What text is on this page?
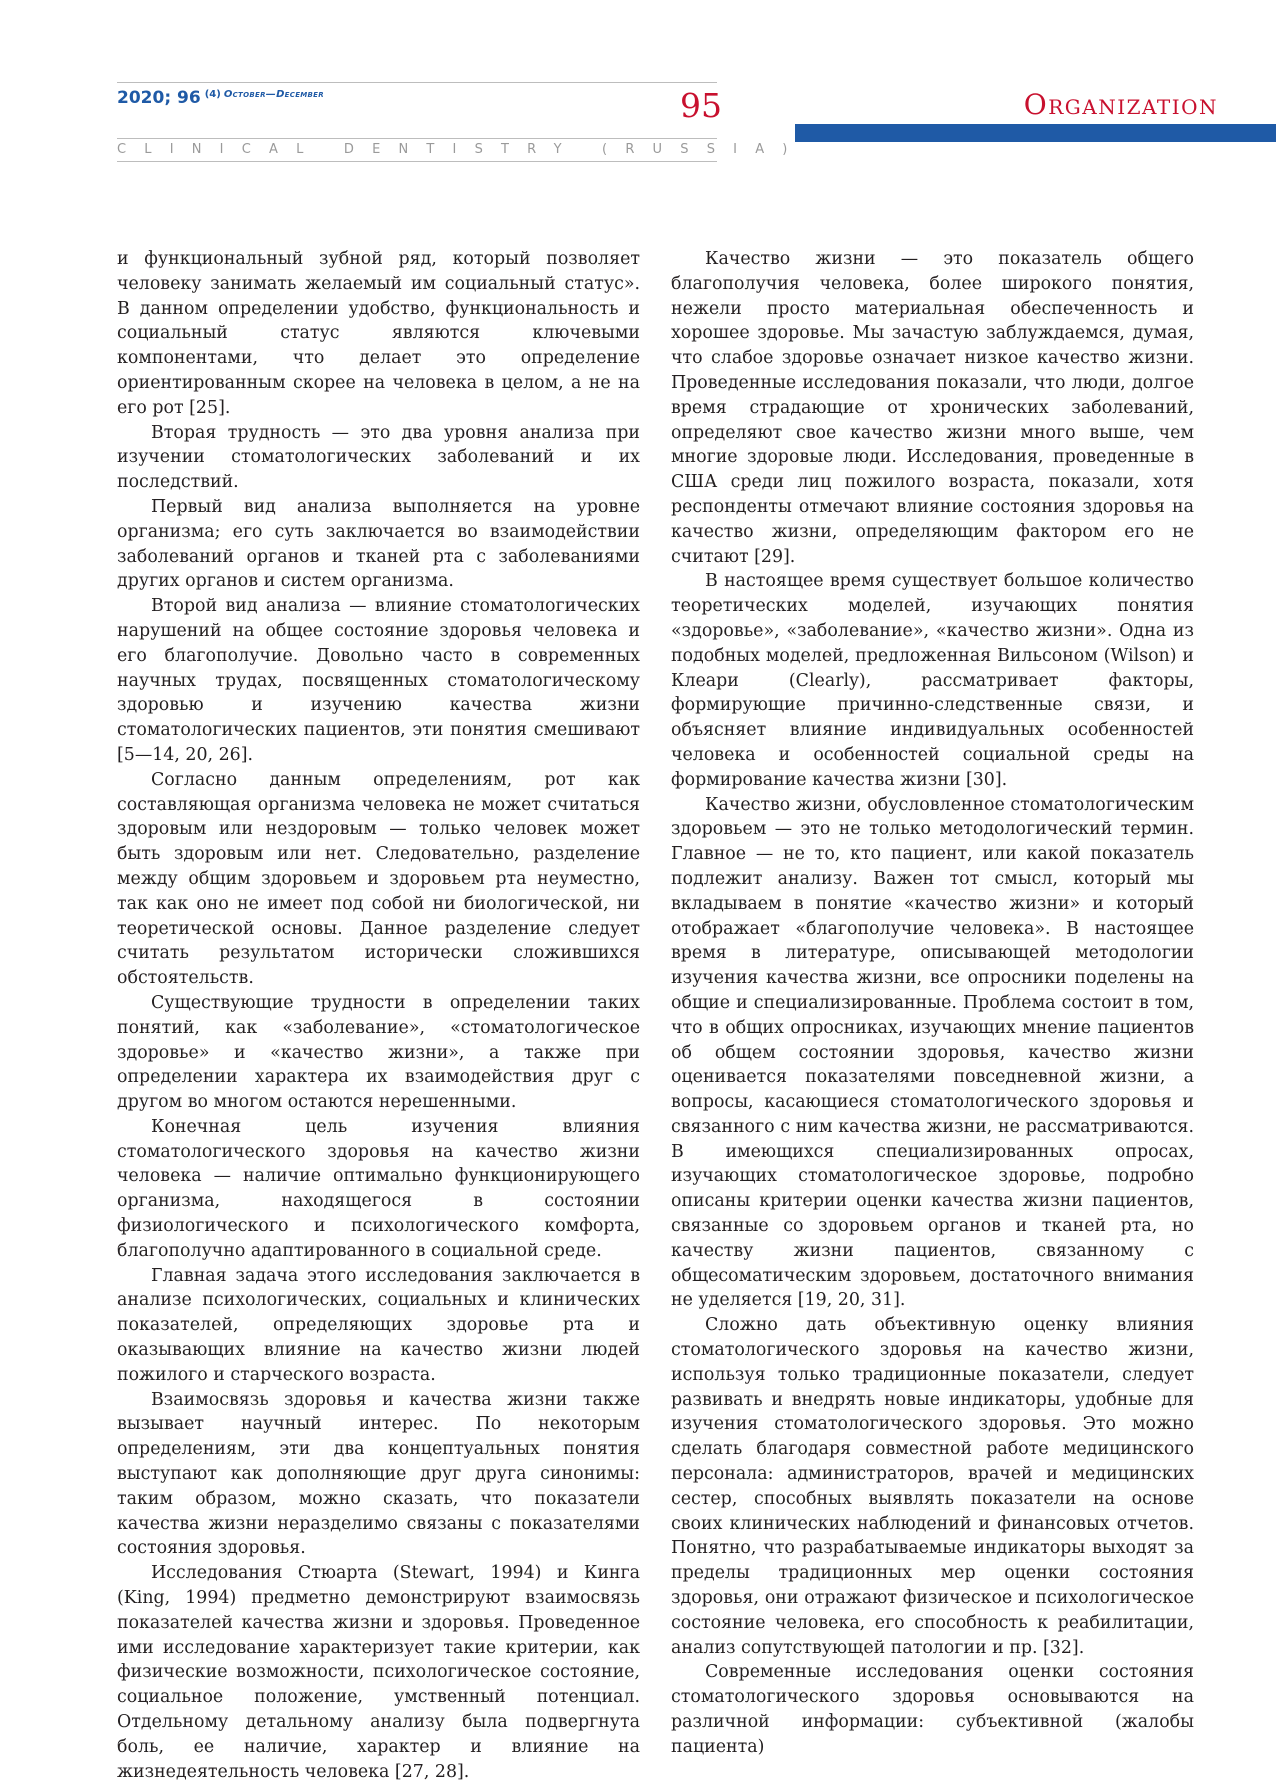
2020; 96 $^{(4)}$ $^{October—December}$	95	Organization
CLINICAL DENTISTRY (RUSSIA)

и функциональный зубной ряд, который позволяет человеку занимать желаемый им социальный статус». В данном определении удобство, функциональность и социальный статус являются ключевыми компонентами, что делает это определение ориентированным скорее на человека в целом, а не на его рот [25].

Вторая трудность — это два уровня анализа при изучении стоматологических заболеваний и их последствий.

Первый вид анализа выполняется на уровне организма; его суть заключается во взаимодействии заболеваний органов и тканей рта с заболеваниями других органов и систем организма.

Второй вид анализа — влияние стоматологических нарушений на общее состояние здоровья человека и его благополучие. Довольно часто в современных научных трудах, посвященных стоматологическому здоровью и изучению качества жизни стоматологических пациентов, эти понятия смешивают [5—14, 20, 26].

Согласно данным определениям, рот как составляющая организма человека не может считаться здоровым или нездоровым — только человек может быть здоровым или нет. Следовательно, разделение между общим здоровьем и здоровьем рта неуместно, так как оно не имеет под собой ни биологической, ни теоретической основы. Данное разделение следует считать результатом исторически сложившихся обстоятельств.

Существующие трудности в определении таких понятий, как «заболевание», «стоматологическое здоровье» и «качество жизни», а также при определении характера их взаимодействия друг с другом во многом остаются нерешенными.

Конечная цель изучения влияния стоматологического здоровья на качество жизни человека — наличие оптимально функционирующего организма, находящегося в состоянии физиологического и психологического комфорта, благополучно адаптированного в социальной среде.

Главная задача этого исследования заключается в анализе психологических, социальных и клинических показателей, определяющих здоровье рта и оказывающих влияние на качество жизни людей пожилого и старческого возраста.

Взаимосвязь здоровья и качества жизни также вызывает научный интерес. По некоторым определениям, эти два концептуальных понятия выступают как дополняющие друг друга синонимы: таким образом, можно сказать, что показатели качества жизни неразделимо связаны с показателями состояния здоровья.

Исследования Стюарта (Stewart, 1994) и Кинга (King, 1994) предметно демонстрируют взаимосвязь показателей качества жизни и здоровья. Проведенное ими исследование характеризует такие критерии, как физические возможности, психологическое состояние, социальное положение, умственный потенциал. Отдельному детальному анализу была подвергнута боль, ее наличие, характер и влияние на жизнедеятельность человека [27, 28].

Качество жизни — это показатель общего благополучия человека, более широкого понятия, нежели просто материальная обеспеченность и хорошее здоровье. Мы зачастую заблуждаемся, думая, что слабое здоровье означает низкое качество жизни. Проведенные исследования показали, что люди, долгое время страдающие от хронических заболеваний, определяют свое качество жизни много выше, чем многие здоровые люди. Исследования, проведенные в США среди лиц пожилого возраста, показали, хотя респонденты отмечают влияние состояния здоровья на качество жизни, определяющим фактором его не считают [29].

В настоящее время существует большое количество теоретических моделей, изучающих понятия «здоровье», «заболевание», «качество жизни». Одна из подобных моделей, предложенная Вильсоном (Wilson) и Клеари (Clearly), рассматривает факторы, формирующие причинно-следственные связи, и объясняет влияние индивидуальных особенностей человека и особенностей социальной среды на формирование качества жизни [30].

Качество жизни, обусловленное стоматологическим здоровьем — это не только методологический термин. Главное — не то, кто пациент, или какой показатель подлежит анализу. Важен тот смысл, который мы вкладываем в понятие «качество жизни» и который отображает «благополучие человека». В настоящее время в литературе, описывающей методологии изучения качества жизни, все опросники поделены на общие и специализированные. Проблема состоит в том, что в общих опросниках, изучающих мнение пациентов об общем состоянии здоровья, качество жизни оценивается показателями повседневной жизни, а вопросы, касающиеся стоматологического здоровья и связанного с ним качества жизни, не рассматриваются. В имеющихся специализированных опросах, изучающих стоматологическое здоровье, подробно описаны критерии оценки качества жизни пациентов, связанные со здоровьем органов и тканей рта, но качеству жизни пациентов, связанному с общесоматическим здоровьем, достаточного внимания не уделяется [19, 20, 31].

Сложно дать объективную оценку влияния стоматологического здоровья на качество жизни, используя только традиционные показатели, следует развивать и внедрять новые индикаторы, удобные для изучения стоматологического здоровья. Это можно сделать благодаря совместной работе медицинского персонала: администраторов, врачей и медицинских сестер, способных выявлять показатели на основе своих клинических наблюдений и финансовых отчетов. Понятно, что разрабатываемые индикаторы выходят за пределы традиционных мер оценки состояния здоровья, они отражают физическое и психологическое состояние человека, его способность к реабилитации, анализ сопутствующей патологии и пр. [32].

Современные исследования оценки состояния стоматологического здоровья основываются на различной информации: субъективной (жалобы пациента)
